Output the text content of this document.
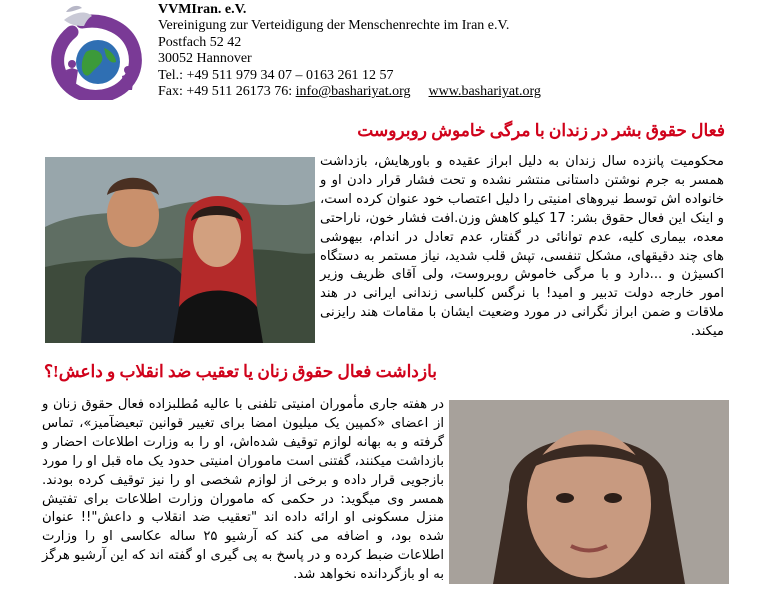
VVMIran. e.V.
Vereinigung zur Verteidigung der Menschenrechte im Iran e.V.
Postfach 52 42
30052 Hannover
Tel.: +49 511 979 34 07 – 0163 261 12 57
Fax: +49 511 26173 76: info@bashariyat.org www.bashariyat.org
فعال حقوق بشر در زندان با مرگی خاموش روبروست
محکومیت پانزده سال زندان به دلیل ابراز عقیده و باورهایش، بازداشت همسر به جرم نوشتن داستانی منتشر نشده و تحت فشار قرار دادن او و خانواده اش توسط نیروهای امنیتی را دلیل اعتصاب خود عنوان کرده است، و اینک این فعال حقوق بشر: 17 کیلو کاهش وزن.افت فشار خون، ناراحتی معده، بیماری کلیه، عدم توانائی در گفتار، عدم تعادل در اندام، بیهوشی های چند دقیقهای، مشکل تنفسی، تپش قلب شدید، نیاز مستمر به دستگاه اکسیژن و ...دارد و با مرگی خاموش روبروست، ولی آقای ظریف وزیر امور خارجه دولت تدبیر و امید! با نرگس کلباسی زندانی ایرانی در هند ملاقات و ضمن ابراز نگرانی در مورد وضعیت ایشان با مقامات هند رایزنی میکند.
بازداشت فعال حقوق زنان یا تعقیب ضد انقلاب و داعش!؟
در هفته جاری مأموران امنیتی تلفنی با عالیه مُطلبزاده فعال حقوق زنان و از اعضای «کمپین یک میلیون امضا برای تغییر قوانین تبعیضآمیز»، تماس گرفته و به بهانه لوازم توقیف شده‌اش، او را به وزارت اطلاعات احضار و بازداشت میکنند، گفتنی است ماموران امنیتی حدود یک ماه قبل او را مورد بازجویی قرار داده و برخی از لوازم شخصی او را نیز توقیف کرده بودند. همسر وی میگوید: در حکمی که ماموران وزارت اطلاعات برای تفتیش منزل مسکونی او ارائه داده اند "تعقیب ضد انقلاب و داعش"!! عنوان شده بود، و اضافه می کند که آرشیو ۲۵ ساله عکاسی او را وزارت اطلاعات ضبط کرده و در پاسخ به پی گیری او گفته اند که این آرشیو هرگز به او بازگردانده نخواهد شد.
